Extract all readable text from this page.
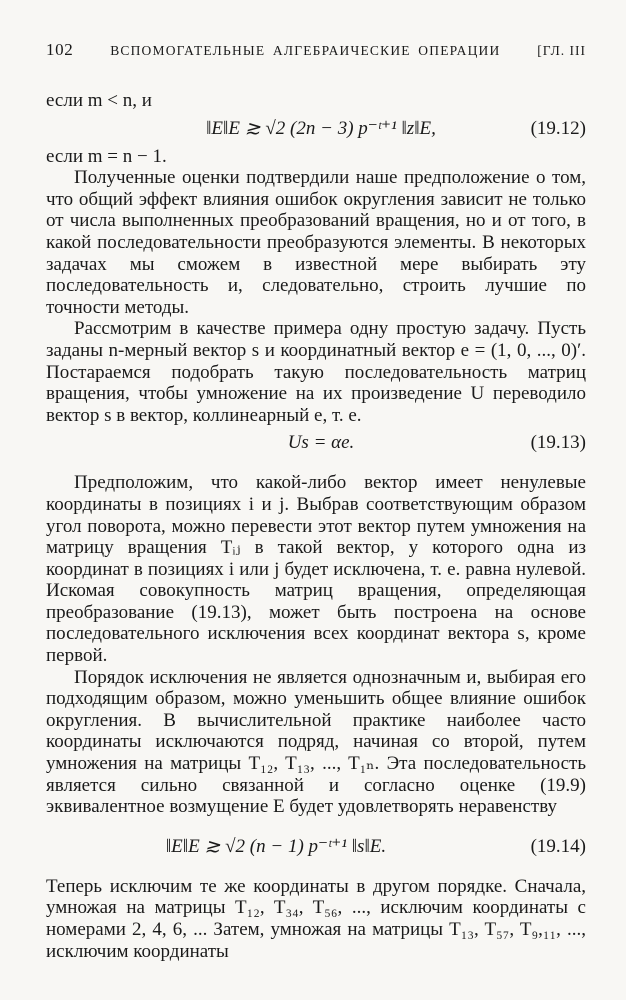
102	ВСПОМОГАТЕЛЬНЫЕ АЛГЕБРАИЧЕСКИЕ ОПЕРАЦИИ	[ГЛ. III

если m < n, и

‖E‖E ≳ √2 (2n − 3) p⁻ᵗ⁺¹ ‖z‖E,	(19.12)

если m = n − 1.

Полученные оценки подтвердили наше предположение о том, что общий эффект влияния ошибок округления зависит не только от числа выполненных преобразований вращения, но и от того, в какой последовательности преобразуются элементы. В некоторых задачах мы сможем в известной мере выбирать эту последовательность и, следовательно, строить лучшие по точности методы.

Рассмотрим в качестве примера одну простую задачу. Пусть заданы n-мерный вектор s и координатный вектор e = (1, 0, ..., 0)′. Постараемся подобрать такую последовательность матриц вращения, чтобы умножение на их произведение U переводило вектор s в вектор, коллинеарный e, т. е.

Us = αe.	(19.13)

Предположим, что какой-либо вектор имеет ненулевые координаты в позициях i и j. Выбрав соответствующим образом угол поворота, можно перевести этот вектор путем умножения на матрицу вращения Tᵢⱼ в такой вектор, у которого одна из координат в позициях i или j будет исключена, т. е. равна нулевой. Искомая совокупность матриц вращения, определяющая преобразование (19.13), может быть построена на основе последовательного исключения всех координат вектора s, кроме первой.

Порядок исключения не является однозначным и, выбирая его подходящим образом, можно уменьшить общее влияние ошибок округления. В вычислительной практике наиболее часто координаты исключаются подряд, начиная со второй, путем умножения на матрицы T₁₂, T₁₃, ..., T₁ₙ. Эта последовательность является сильно связанной и согласно оценке (19.9) эквивалентное возмущение E будет удовлетворять неравенству

‖E‖E ≳ √2 (n − 1) p⁻ᵗ⁺¹ ‖s‖E.	(19.14)

Теперь исключим те же координаты в другом порядке. Сначала, умножая на матрицы T₁₂, T₃₄, T₅₆, ..., исключим координаты с номерами 2, 4, 6, ... Затем, умножая на матрицы T₁₃, T₅₇, T₉,₁₁, ..., исключим координаты
